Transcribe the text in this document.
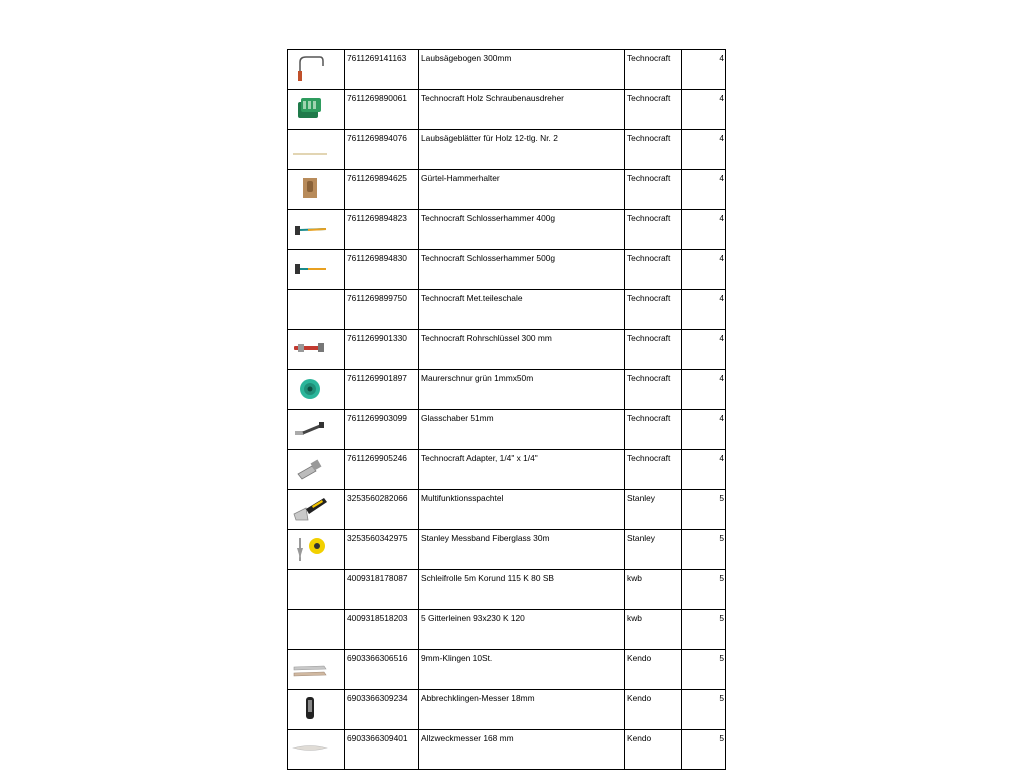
	7611269141163	Laubsägebogen 300mm	Technocraft	4

	7611269890061	Technocraft Holz Schraubenausdreher	Technocraft	4

	7611269894076	Laubsägeblätter für Holz 12-tlg. Nr. 2	Technocraft	4

	7611269894625	Gürtel-Hammerhalter	Technocraft	4

	7611269894823	Technocraft Schlosserhammer 400g	Technocraft	4

	7611269894830	Technocraft Schlosserhammer 500g	Technocraft	4
	7611269899750	Technocraft Met.teileschale	Technocraft	4

	7611269901330	Technocraft Rohrschlüssel 300 mm	Technocraft	4

	7611269901897	Maurerschnur grün 1mmx50m	Technocraft	4

	7611269903099	Glasschaber 51mm	Technocraft	4

	7611269905246	Technocraft Adapter, 1/4" x 1/4"	Technocraft	4

	3253560282066	Multifunktionsspachtel	Stanley	5

	3253560342975	Stanley Messband Fiberglass 30m	Stanley	5
	4009318178087	Schleifrolle 5m Korund 115 K 80 SB	kwb	5
	4009318518203	5 Gitterleinen 93x230 K 120	kwb	5

	6903366306516	9mm-Klingen 10St.	Kendo	5

	6903366309234	Abbrechklingen-Messer 18mm	Kendo	5

	6903366309401	Allzweckmesser 168 mm	Kendo	5
